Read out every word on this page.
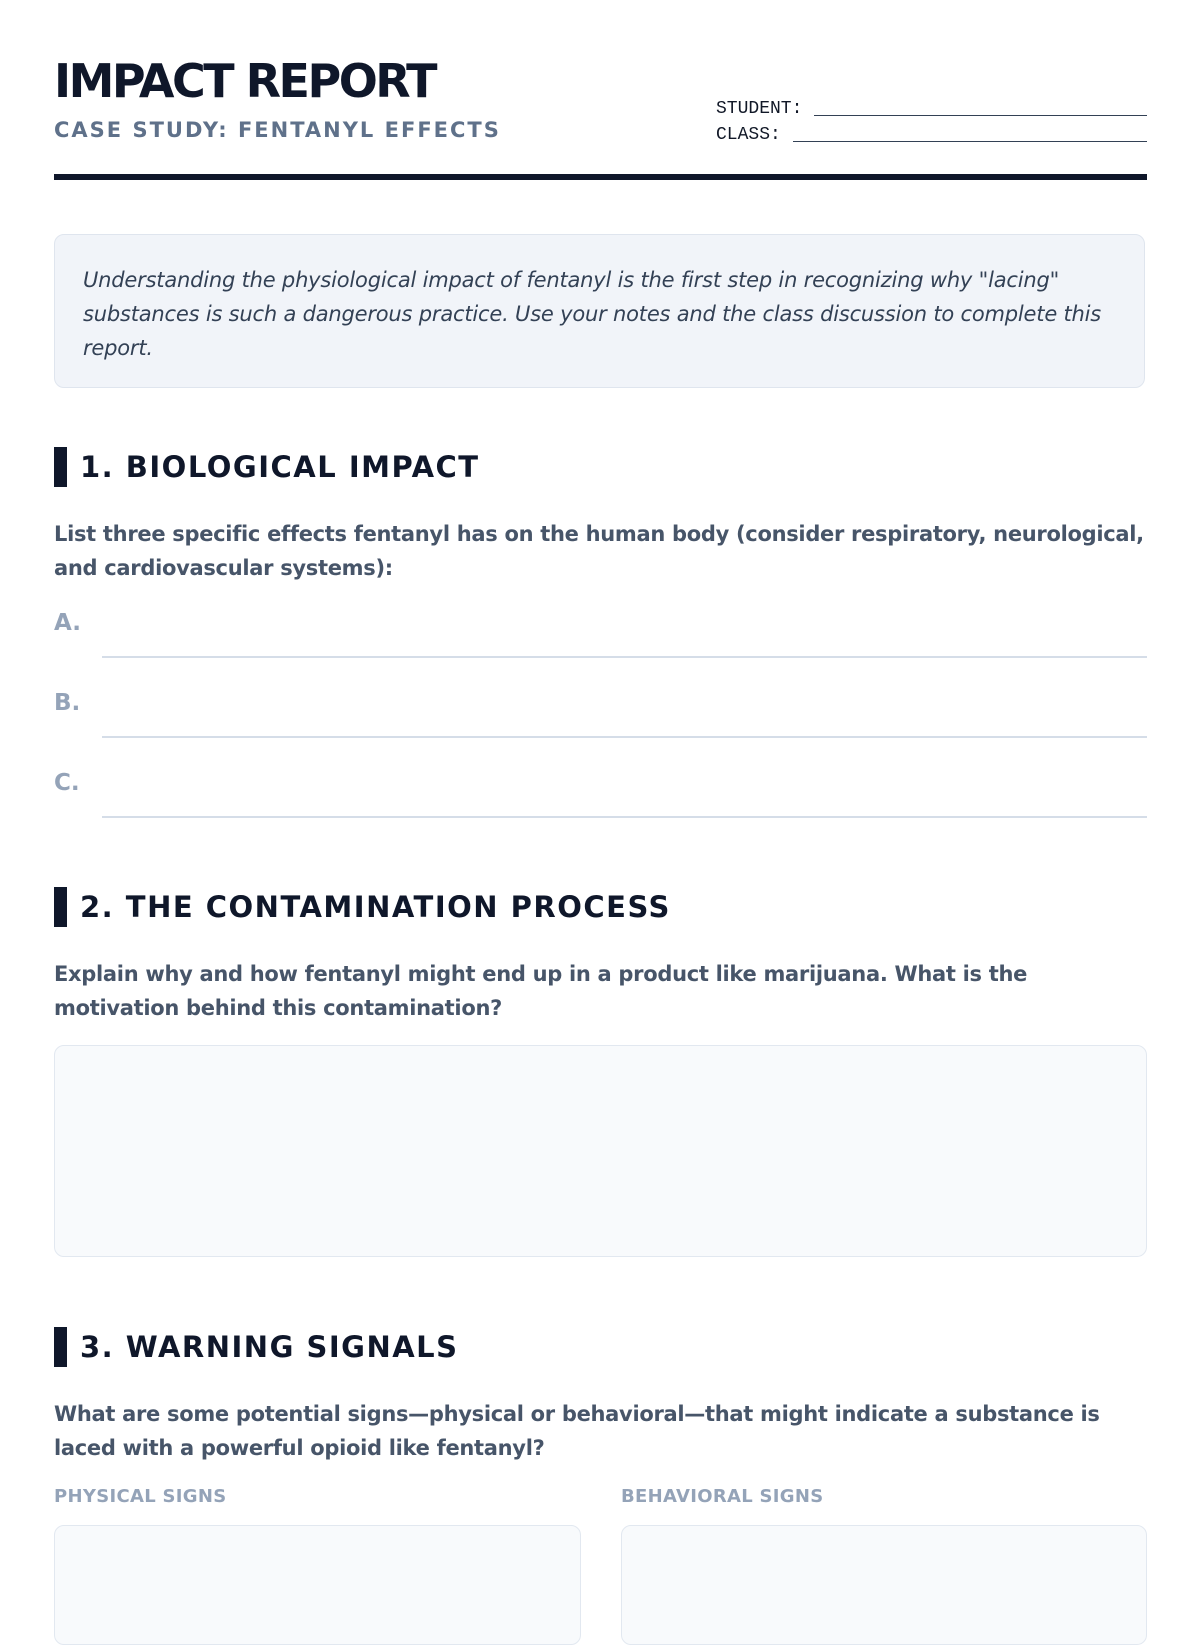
IMPACT REPORT
CASE STUDY: FENTANYL EFFECTS
STUDENT:
CLASS:

Understanding the physiological impact of fentanyl is the first step in recognizing why "lacing" substances is such a dangerous practice. Use your notes and the class discussion to complete this report.

1. BIOLOGICAL IMPACT

List three specific effects fentanyl has on the human body (consider respiratory, neurological, and cardiovascular systems):

A.
B.
C.
2. THE CONTAMINATION PROCESS

Explain why and how fentanyl might end up in a product like marijuana. What is the motivation behind this contamination?

3. WARNING SIGNALS

What are some potential signs—physical or behavioral—that might indicate a substance is laced with a powerful opioid like fentanyl?

PHYSICAL SIGNS	BEHAVIORAL SIGNS
